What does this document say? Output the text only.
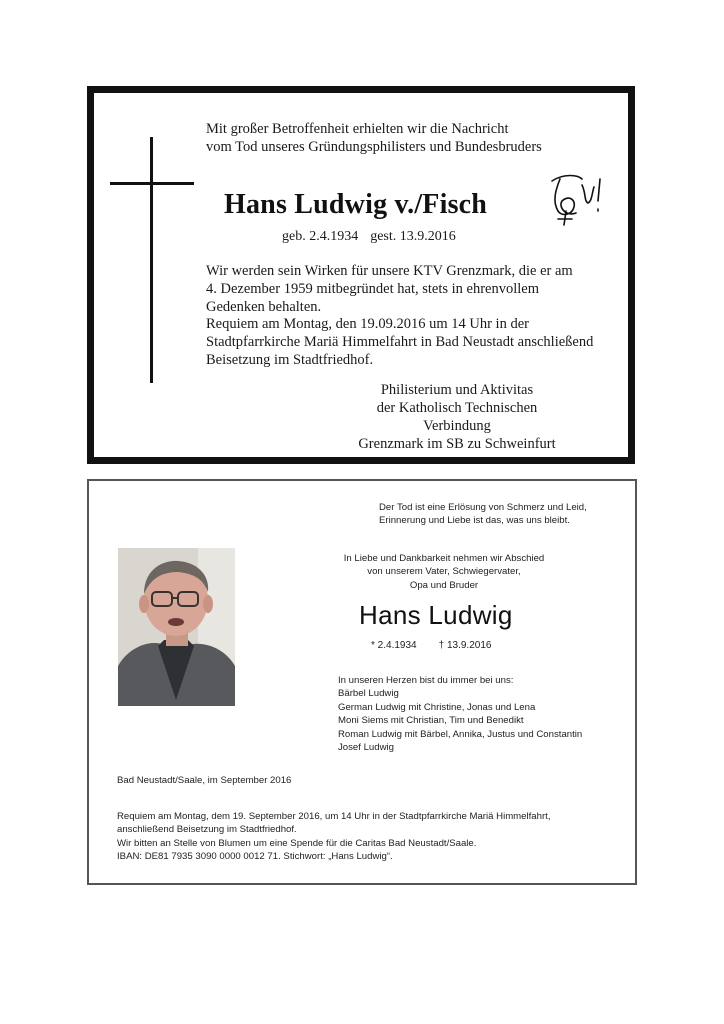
Mit großer Betroffenheit erhielten wir die Nachricht
vom Tod unseres Gründungsphilisters und Bundesbruders
Hans Ludwig v./Fisch
geb. 2.4.1934 gest. 13.9.2016
Wir werden sein Wirken für unsere KTV Grenzmark, die er am
4. Dezember 1959 mitbegründet hat, stets in ehrenvollem
Gedenken behalten.
Requiem am Montag, den 19.09.2016 um 14 Uhr in der
Stadtpfarrkirche Mariä Himmelfahrt in Bad Neustadt anschließend
Beisetzung im Stadtfriedhof.
Philisterium und Aktivitas
der Katholisch Technischen Verbindung
Grenzmark im SB zu Schweinfurt
Der Tod ist eine Erlösung von Schmerz und Leid,
Erinnerung und Liebe ist das, was uns bleibt.
In Liebe und Dankbarkeit nehmen wir Abschied
von unserem Vater, Schwiegervater,
Opa und Bruder
Hans Ludwig
* 2.4.1934 † 13.9.2016
In unseren Herzen bist du immer bei uns:
Bärbel Ludwig
German Ludwig mit Christine, Jonas und Lena
Moni Siems mit Christian, Tim und Benedikt
Roman Ludwig mit Bärbel, Annika, Justus und Constantin
Josef Ludwig
Bad Neustadt/Saale, im September 2016
Requiem am Montag, dem 19. September 2016, um 14 Uhr in der Stadtpfarrkirche Mariä Himmelfahrt,
anschließend Beisetzung im Stadtfriedhof.
Wir bitten an Stelle von Blumen um eine Spende für die Caritas Bad Neustadt/Saale.
IBAN: DE81 7935 3090 0000 0012 71. Stichwort: „Hans Ludwig“.
